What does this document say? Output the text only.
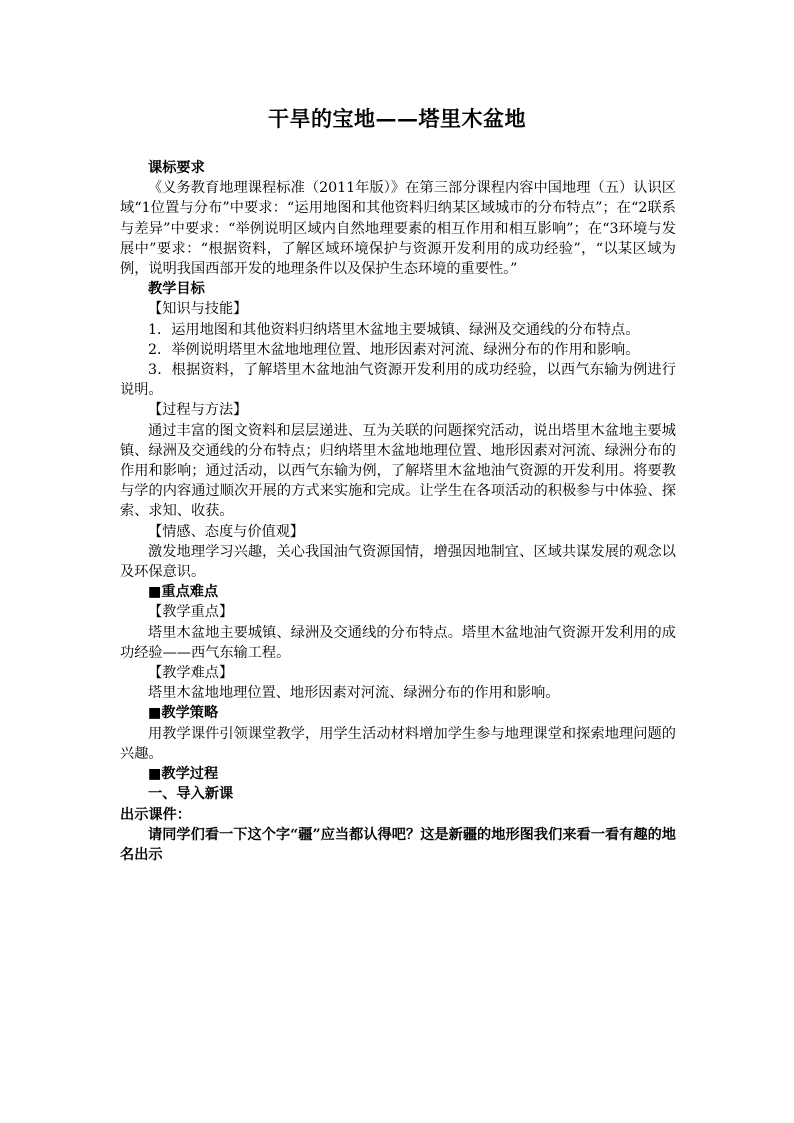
干旱的宝地——塔里木盆地

课标要求

《义务教育地理课程标准（2011年版）》在第三部分课程内容中国地理（五）认识区域“1位置与分布”中要求：“运用地图和其他资料归纳某区域城市的分布特点”；在“2联系与差异”中要求：“举例说明区域内自然地理要素的相互作用和相互影响”；在“3环境与发展中”要求：“根据资料，了解区域环境保护与资源开发利用的成功经验”，“以某区域为例，说明我国西部开发的地理条件以及保护生态环境的重要性。”

教学目标

【知识与技能】

1．运用地图和其他资料归纳塔里木盆地主要城镇、绿洲及交通线的分布特点。

2．举例说明塔里木盆地地理位置、地形因素对河流、绿洲分布的作用和影响。

3．根据资料，了解塔里木盆地油气资源开发利用的成功经验，以西气东输为例进行说明。

【过程与方法】

通过丰富的图文资料和层层递进、互为关联的问题探究活动，说出塔里木盆地主要城镇、绿洲及交通线的分布特点；归纳塔里木盆地地理位置、地形因素对河流、绿洲分布的作用和影响；通过活动，以西气东输为例，了解塔里木盆地油气资源的开发利用。将要教与学的内容通过顺次开展的方式来实施和完成。让学生在各项活动的积极参与中体验、探索、求知、收获。

【情感、态度与价值观】

激发地理学习兴趣，关心我国油气资源国情，增强因地制宜、区域共谋发展的观念以及环保意识。

■重点难点

【教学重点】

塔里木盆地主要城镇、绿洲及交通线的分布特点。塔里木盆地油气资源开发利用的成功经验——西气东输工程。

【教学难点】

塔里木盆地地理位置、地形因素对河流、绿洲分布的作用和影响。

■教学策略

用教学课件引领课堂教学，用学生活动材料增加学生参与地理课堂和探索地理问题的兴趣。

■教学过程

一、导入新课

出示课件：

请同学们看一下这个字“疆”应当都认得吧？这是新疆的地形图我们来看一看有趣的地名出示
